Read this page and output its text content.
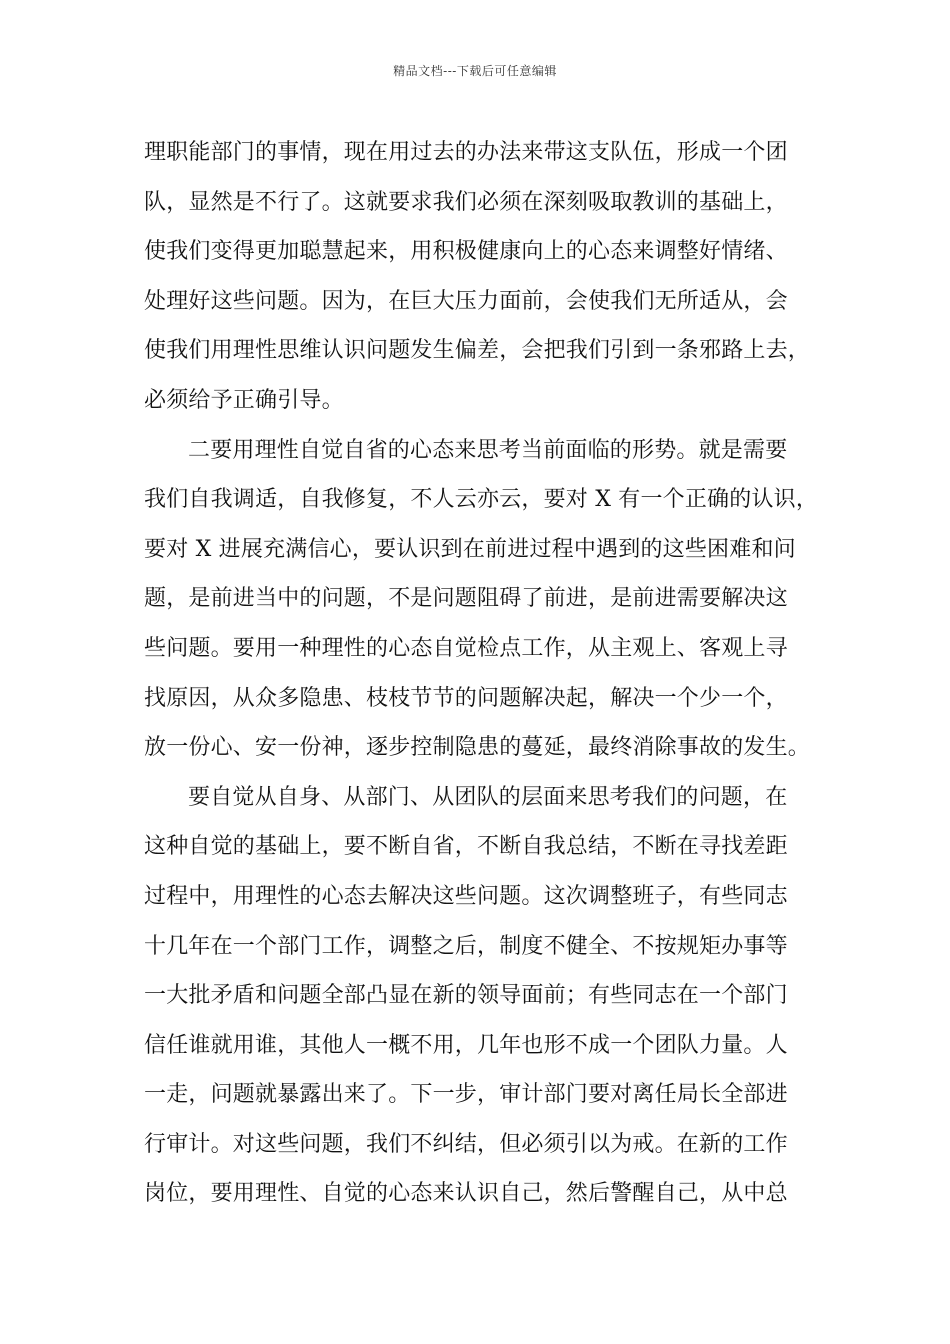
精品文档---下载后可任意编辑
理职能部门的事情，现在用过去的办法来带这支队伍，形成一个团
队，显然是不行了。这就要求我们必须在深刻吸取教训的基础上，
使我们变得更加聪慧起来，用积极健康向上的心态来调整好情绪、
处理好这些问题。因为，在巨大压力面前，会使我们无所适从，会
使我们用理性思维认识问题发生偏差，会把我们引到一条邪路上去，
必须给予正确引导。
二要用理性自觉自省的心态来思考当前面临的形势。就是需要
我们自我调适，自我修复，不人云亦云，要对 X 有一个正确的认识，
要对 X 进展充满信心，要认识到在前进过程中遇到的这些困难和问
题，是前进当中的问题，不是问题阻碍了前进，是前进需要解决这
些问题。要用一种理性的心态自觉检点工作，从主观上、客观上寻
找原因，从众多隐患、枝枝节节的问题解决起，解决一个少一个，
放一份心、安一份神，逐步控制隐患的蔓延，最终消除事故的发生。
要自觉从自身、从部门、从团队的层面来思考我们的问题，在
这种自觉的基础上，要不断自省，不断自我总结，不断在寻找差距
过程中，用理性的心态去解决这些问题。这次调整班子，有些同志
十几年在一个部门工作，调整之后，制度不健全、不按规矩办事等
一大批矛盾和问题全部凸显在新的领导面前；有些同志在一个部门
信任谁就用谁，其他人一概不用，几年也形不成一个团队力量。人
一走，问题就暴露出来了。下一步，审计部门要对离任局长全部进
行审计。对这些问题，我们不纠结，但必须引以为戒。在新的工作
岗位，要用理性、自觉的心态来认识自己，然后警醒自己，从中总
